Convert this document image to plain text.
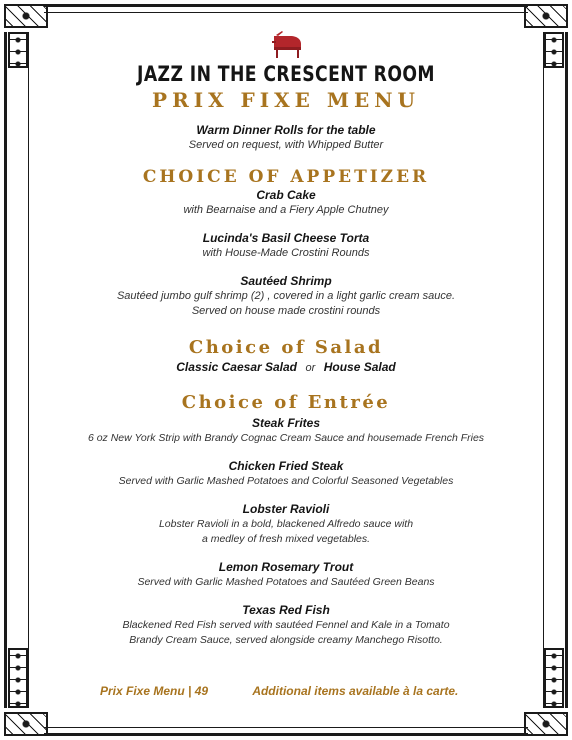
JAZZ IN THE CRESCENT ROOM
PRIX FIXE MENU
Warm Dinner Rolls for the table
Served on request, with Whipped Butter
CHOICE OF APPETIZER
Crab Cake
with Bearnaise and a Fiery Apple Chutney
Lucinda's Basil Cheese Torta
with House-Made Crostini Rounds
Sautéed Shrimp
Sautéed jumbo gulf shrimp (2) , covered in a light garlic cream sauce.
Served on house made crostini rounds
Choice of Salad
Classic Caesar Salad or House Salad
Choice of Entrée
Steak Frites
6 oz New York Strip with Brandy Cognac Cream Sauce and housemade French Fries
Chicken Fried Steak
Served with Garlic Mashed Potatoes and Colorful Seasoned Vegetables
Lobster Ravioli
Lobster Ravioli in a bold, blackened Alfredo sauce with
a medley of fresh mixed vegetables.
Lemon Rosemary Trout
Served with Garlic Mashed Potatoes and Sautéed Green Beans
Texas Red Fish
Blackened Red Fish served with sautéed Fennel and Kale in a Tomato
Brandy Cream Sauce, served alongside creamy Manchego Risotto.
Prix Fixe Menu | 49	Additional items available à la carte.
